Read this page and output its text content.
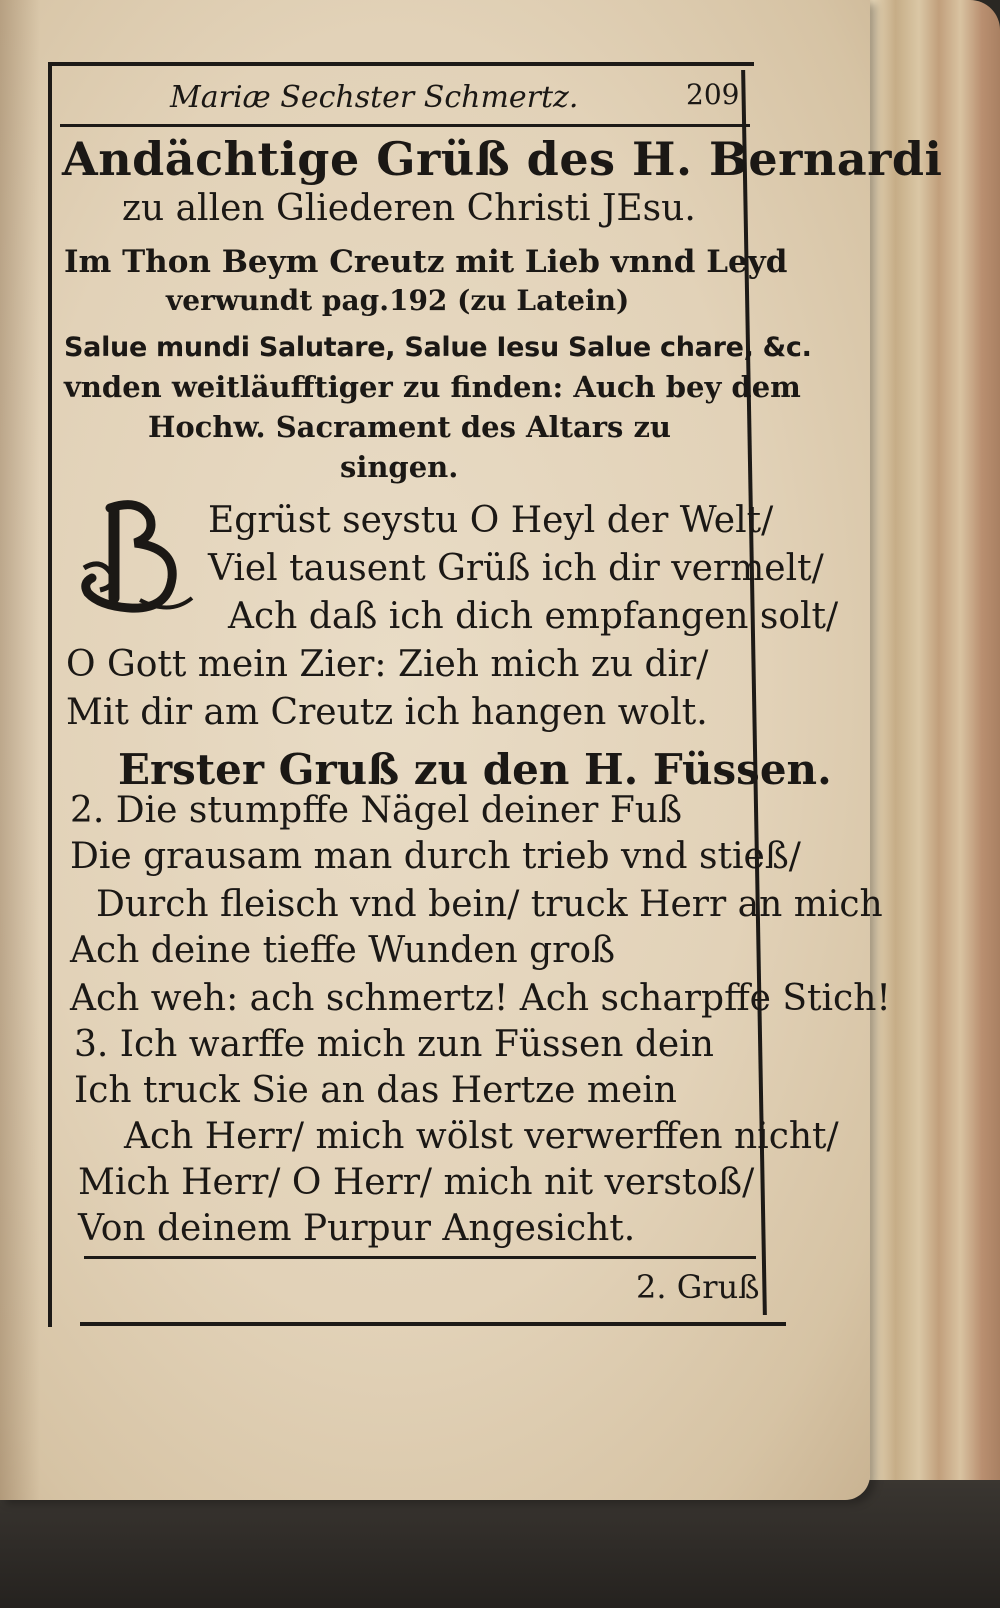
Mariæ Sechster Schmertz.	209
Andächtige Grüß des H. Bernardi
zu allen Gliederen Christi JEsu.
Im Thon Beym Creutz mit Lieb vnnd Leyd
verwundt pag.192 (zu Latein)
Salue mundi Salutare, Salue Iesu Salue chare, &c.
vnden weitläufftiger zu finden: Auch bey dem
Hochw. Sacrament des Altars zu
singen.
Egrüst seystu O Heyl der Welt/
Viel tausent Grüß ich dir vermelt/
Ach daß ich dich empfangen solt/
O Gott mein Zier: Zieh mich zu dir/
Mit dir am Creutz ich hangen wolt.
Erster Gruß zu den H. Füssen.
2. Die stumpffe Nägel deiner Fuß
Die grausam man durch trieb vnd stieß/
Durch fleisch vnd bein/ truck Herr an mich
Ach deine tieffe Wunden groß
Ach weh: ach schmertz! Ach scharpffe Stich!
3. Ich warffe mich zun Füssen dein
Ich truck Sie an das Hertze mein
Ach Herr/ mich wölst verwerffen nicht/
Mich Herr/ O Herr/ mich nit verstoß/
Von deinem Purpur Angesicht.
2. Gruß
